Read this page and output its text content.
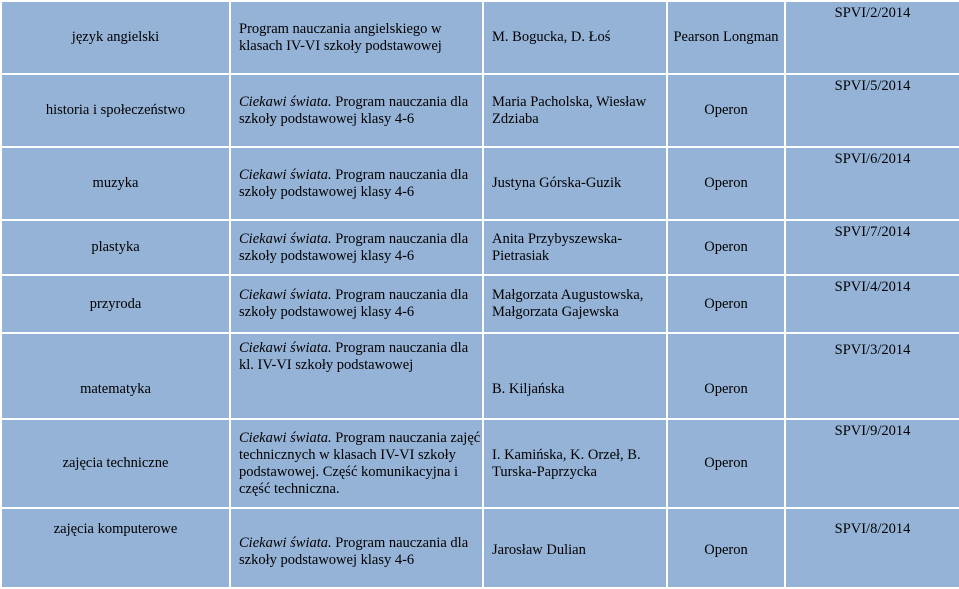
język angielski	Program nauczania angielskiego w klasach IV-VI szkoły podstawowej	M. Bogucka, D. Łoś	Pearson Longman	SPVI/2/2014
historia i społeczeństwo	Ciekawi świata. Program nauczania dla szkoły podstawowej klasy 4-6	Maria Pacholska, Wiesław Zdziaba	Operon	SPVI/5/2014
muzyka	Ciekawi świata. Program nauczania dla szkoły podstawowej klasy 4-6	Justyna Górska-Guzik	Operon	SPVI/6/2014
plastyka	Ciekawi świata. Program nauczania dla szkoły podstawowej klasy 4-6	Anita Przybyszewska-Pietrasiak	Operon	SPVI/7/2014
przyroda	Ciekawi świata. Program nauczania dla szkoły podstawowej klasy 4-6	Małgorzata Augustowska, Małgorzata Gajewska	Operon	SPVI/4/2014
matematyka	Ciekawi świata. Program nauczania dla kl. IV-VI szkoły podstawowej	B. Kiljańska	Operon	SPVI/3/2014
zajęcia techniczne	Ciekawi świata. Program nauczania zajęć technicznych w klasach IV-VI szkoły podstawowej. Część komunikacyjna i część techniczna.	I. Kamińska, K. Orzeł, B. Turska-Paprzycka	Operon	SPVI/9/2014
zajęcia komputerowe	Ciekawi świata. Program nauczania dla szkoły podstawowej klasy 4-6	Jarosław Dulian	Operon	SPVI/8/2014
